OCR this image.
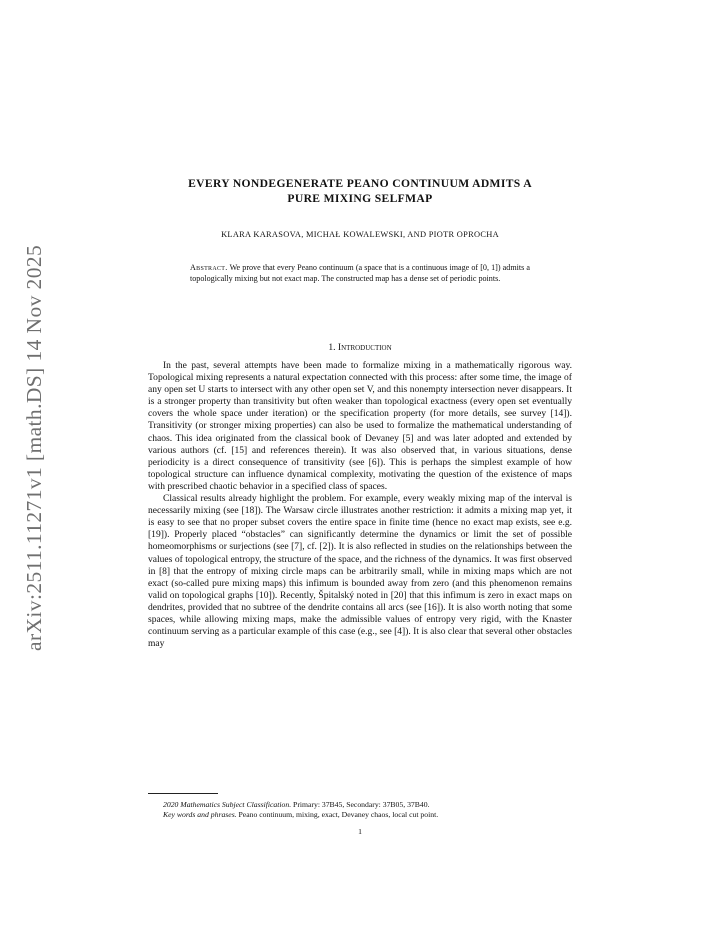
arXiv:2511.11271v1 [math.DS] 14 Nov 2025
EVERY NONDEGENERATE PEANO CONTINUUM ADMITS A
PURE MIXING SELFMAP
KLARA KARASOVA, MICHAŁ KOWALEWSKI, AND PIOTR OPROCHA
Abstract. We prove that every Peano continuum (a space that is a continuous image of [0, 1]) admits a topologically mixing but not exact map. The constructed map has a dense set of periodic points.
1. Introduction

In the past, several attempts have been made to formalize mixing in a mathematically rigorous way. Topological mixing represents a natural expectation connected with this process: after some time, the image of any open set U starts to intersect with any other open set V, and this nonempty intersection never disappears. It is a stronger property than transitivity but often weaker than topological exactness (every open set eventually covers the whole space under iteration) or the specification property (for more details, see survey [14]). Transitivity (or stronger mixing properties) can also be used to formalize the mathematical understanding of chaos. This idea originated from the classical book of Devaney [5] and was later adopted and extended by various authors (cf. [15] and references therein). It was also observed that, in various situations, dense periodicity is a direct consequence of transitivity (see [6]). This is perhaps the simplest example of how topological structure can influence dynamical complexity, motivating the question of the existence of maps with prescribed chaotic behavior in a specified class of spaces.

Classical results already highlight the problem. For example, every weakly mixing map of the interval is necessarily mixing (see [18]). The Warsaw circle illustrates another restriction: it admits a mixing map yet, it is easy to see that no proper subset covers the entire space in finite time (hence no exact map exists, see e.g. [19]). Properly placed “obstacles” can significantly determine the dynamics or limit the set of possible homeomorphisms or surjections (see [7], cf. [2]). It is also reflected in studies on the relationships between the values of topological entropy, the structure of the space, and the richness of the dynamics. It was first observed in [8] that the entropy of mixing circle maps can be arbitrarily small, while in mixing maps which are not exact (so-called pure mixing maps) this infimum is bounded away from zero (and this phenomenon remains valid on topological graphs [10]). Recently, Špitalský noted in [20] that this infimum is zero in exact maps on dendrites, provided that no subtree of the dendrite contains all arcs (see [16]). It is also worth noting that some spaces, while allowing mixing maps, make the admissible values of entropy very rigid, with the Knaster continuum serving as a particular example of this case (e.g., see [4]). It is also clear that several other obstacles may

2020 Mathematics Subject Classification. Primary: 37B45, Secondary: 37B05, 37B40.
Key words and phrases. Peano continuum, mixing, exact, Devaney chaos, local cut point.
1
